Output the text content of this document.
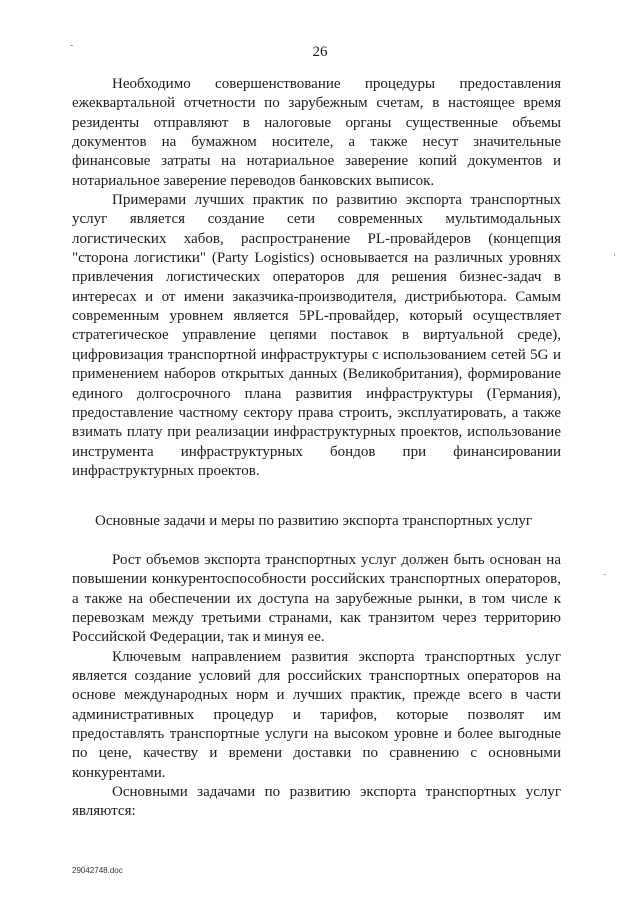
26

Необходимо совершенствование процедуры предоставления ежеквартальной отчетности по зарубежным счетам, в настоящее время резиденты отправляют в налоговые органы существенные объемы документов на бумажном носителе, а также несут значительные финансовые затраты на нотариальное заверение копий документов и нотариальное заверение переводов банковских выписок.

Примерами лучших практик по развитию экспорта транспортных услуг является создание сети современных мультимодальных логистических хабов, распространение PL-провайдеров (концепция "сторона логистики" (Party Logistics) основывается на различных уровнях привлечения логистических операторов для решения бизнес-задач в интересах и от имени заказчика-производителя, дистрибьютора. Самым современным уровнем является 5PL-провайдер, который осуществляет стратегическое управление цепями поставок в виртуальной среде), цифровизация транспортной инфраструктуры с использованием сетей 5G и применением наборов открытых данных (Великобритания), формирование единого долгосрочного плана развития инфраструктуры (Германия), предоставление частному сектору права строить, эксплуатировать, а также взимать плату при реализации инфраструктурных проектов, использование инструмента инфраструктурных бондов при финансировании инфраструктурных проектов.

Основные задачи и меры по развитию экспорта транспортных услуг

Рост объемов экспорта транспортных услуг должен быть основан на повышении конкурентоспособности российских транспортных операторов, а также на обеспечении их доступа на зарубежные рынки, в том числе к перевозкам между третьими странами, как транзитом через территорию Российской Федерации, так и минуя ее.

Ключевым направлением развития экспорта транспортных услуг является создание условий для российских транспортных операторов на основе международных норм и лучших практик, прежде всего в части административных процедур и тарифов, которые позволят им предоставлять транспортные услуги на высоком уровне и более выгодные по цене, качеству и времени доставки по сравнению с основными конкурентами.

Основными задачами по развитию экспорта транспортных услуг являются:

29042748.doc
